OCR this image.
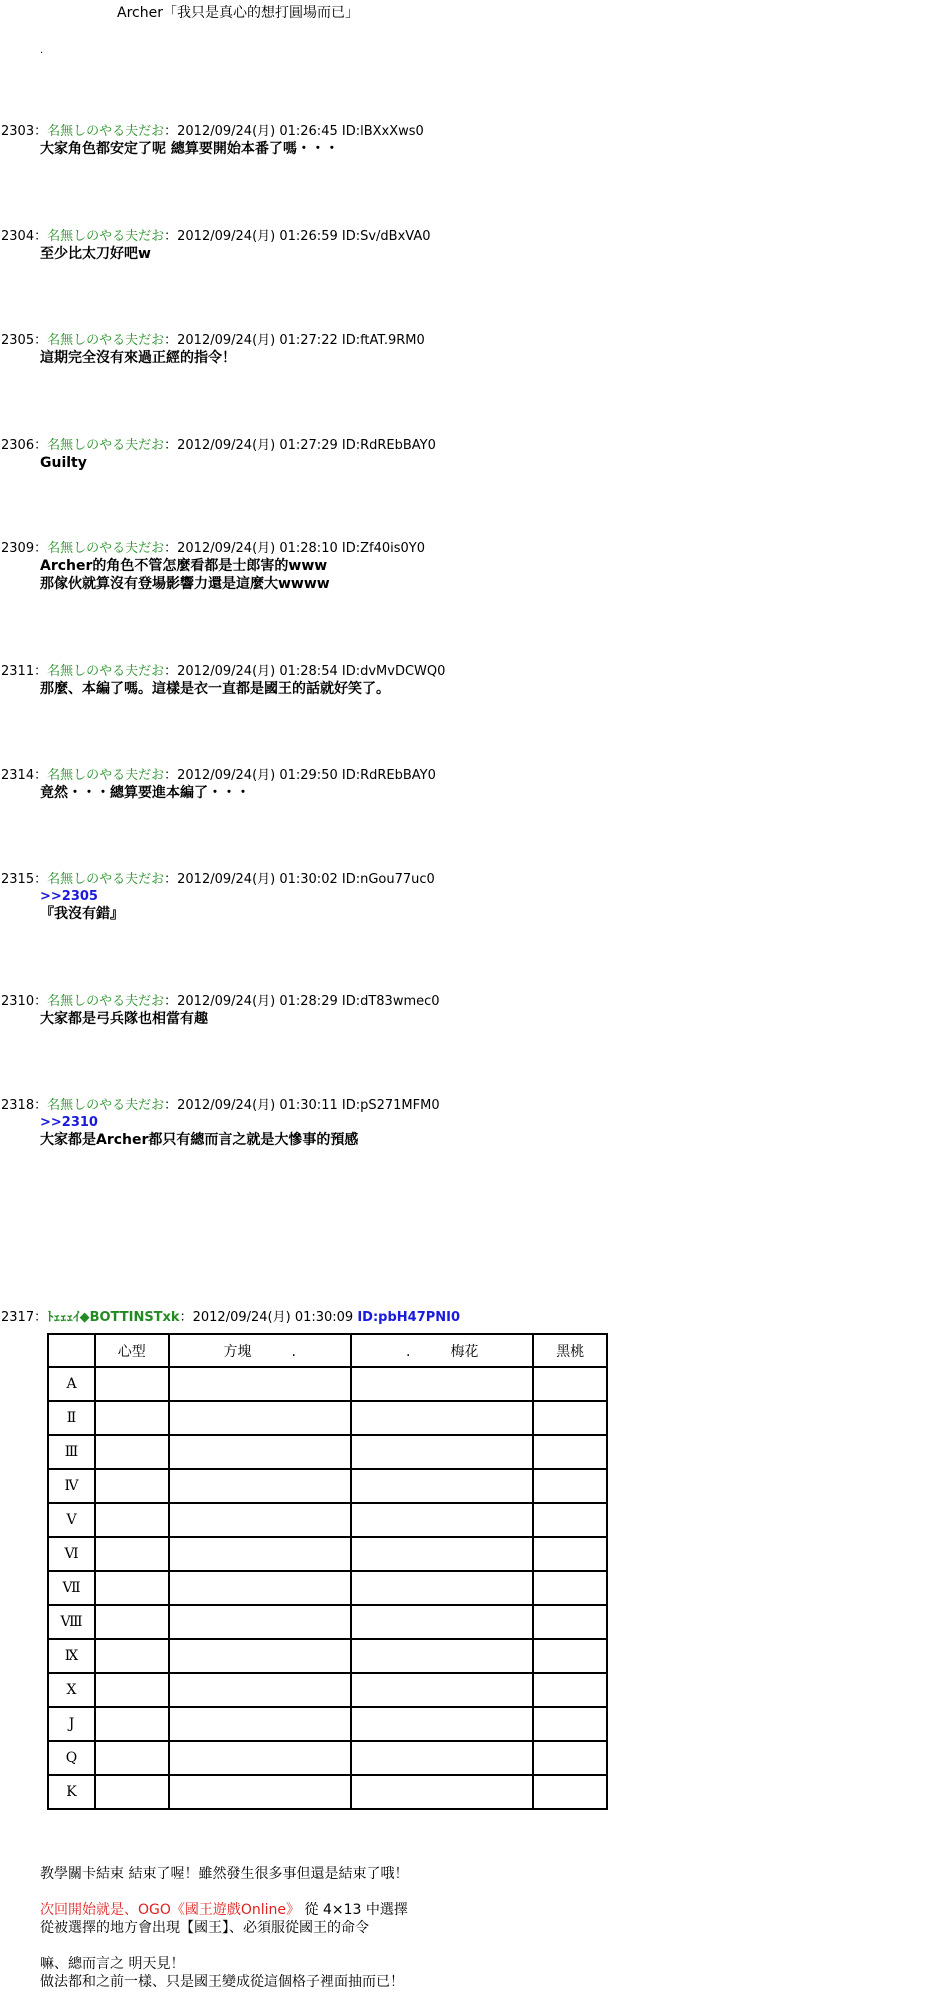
Archer「我只是真心的想打圓場而已」
.
2303：名無しのやる夫だお：2012/09/24(月) 01:26:45 ID:lBXxXws0
大家角色都安定了呢 總算要開始本番了嗎・・・
2304：名無しのやる夫だお：2012/09/24(月) 01:26:59 ID:Sv/dBxVA0
至少比太刀好吧w
2305：名無しのやる夫だお：2012/09/24(月) 01:27:22 ID:ftAT.9RM0
這期完全沒有來過正經的指令！
2306：名無しのやる夫だお：2012/09/24(月) 01:27:29 ID:RdREbBAY0
Guilty
2309：名無しのやる夫だお：2012/09/24(月) 01:28:10 ID:Zf40is0Y0
Archer的角色不管怎麼看都是士郎害的www
那傢伙就算沒有登場影響力還是這麼大wwww
2311：名無しのやる夫だお：2012/09/24(月) 01:28:54 ID:dvMvDCWQ0
那麼、本編了嗎。這樣是衣一直都是國王的話就好笑了。
2314：名無しのやる夫だお：2012/09/24(月) 01:29:50 ID:RdREbBAY0
竟然・・・總算要進本編了・・・
2315：名無しのやる夫だお：2012/09/24(月) 01:30:02 ID:nGou77uc0
>>2305
『我沒有錯』
2310：名無しのやる夫だお：2012/09/24(月) 01:28:29 ID:dT83wmec0
大家都是弓兵隊也相當有趣
2318：名無しのやる夫だお：2012/09/24(月) 01:30:11 ID:pS271MFM0
>>2310
大家都是Archer都只有總而言之就是大慘事的預感
2317：ﾄｪｪｪｲ◆BOTTINSTxk：2012/09/24(月) 01:30:09 ID:pbH47PNI0
	心型	方塊 .	. 梅花	黑桃
A				
Ⅱ				
Ⅲ				
Ⅳ				
Ⅴ				
Ⅵ				
Ⅶ				
Ⅷ				
Ⅸ				
Ⅹ				
J				
Q				
K				
教學關卡結束 結束了喔！雖然發生很多事但還是結束了哦！
次回開始就是、OGO《國王遊戲Online》 從 4×13 中選擇
從被選擇的地方會出現【國王】、必須服從國王的命令
嘛、總而言之 明天見！
做法都和之前一樣、只是國王變成從這個格子裡面抽而已！
